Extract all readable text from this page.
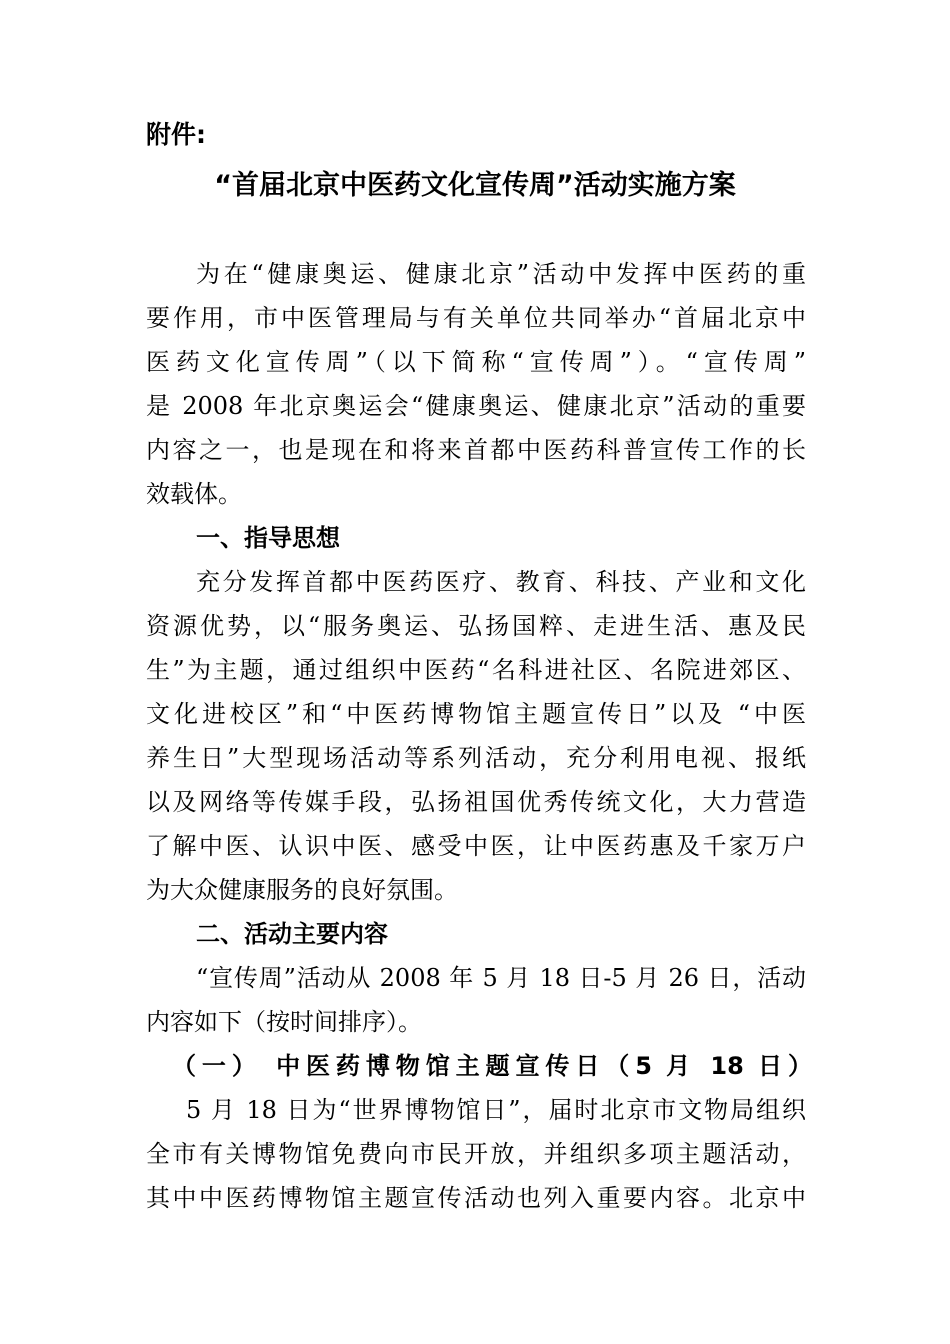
附件:
“首届北京中医药文化宣传周”活动实施方案
为在“健康奥运、健康北京”活动中发挥中医药的重
要作用，市中医管理局与有关单位共同举办“首届北京中
医药文化宣传周”（以下简称“宣传周”）。“宣传周”
是 2008 年北京奥运会“健康奥运、健康北京”活动的重要
内容之一，也是现在和将来首都中医药科普宣传工作的长
效载体。
一、指导思想
充分发挥首都中医药医疗、教育、科技、产业和文化
资源优势，以“服务奥运、弘扬国粹、走进生活、惠及民
生”为主题，通过组织中医药“名科进社区、名院进郊区、
文化进校区”和“中医药博物馆主题宣传日”以及 “中医
养生日”大型现场活动等系列活动，充分利用电视、报纸
以及网络等传媒手段，弘扬祖国优秀传统文化，大力营造
了解中医、认识中医、感受中医，让中医药惠及千家万户
为大众健康服务的良好氛围。
二、活动主要内容
“宣传周”活动从 2008 年 5 月 18 日-5 月 26 日，活动
内容如下（按时间排序）。
（一） 中医药博物馆主题宣传日（5 月 18 日）
5 月 18 日为“世界博物馆日”，届时北京市文物局组织
全市有关博物馆免费向市民开放，并组织多项主题活动，
其中中医药博物馆主题宣传活动也列入重要内容。北京中
